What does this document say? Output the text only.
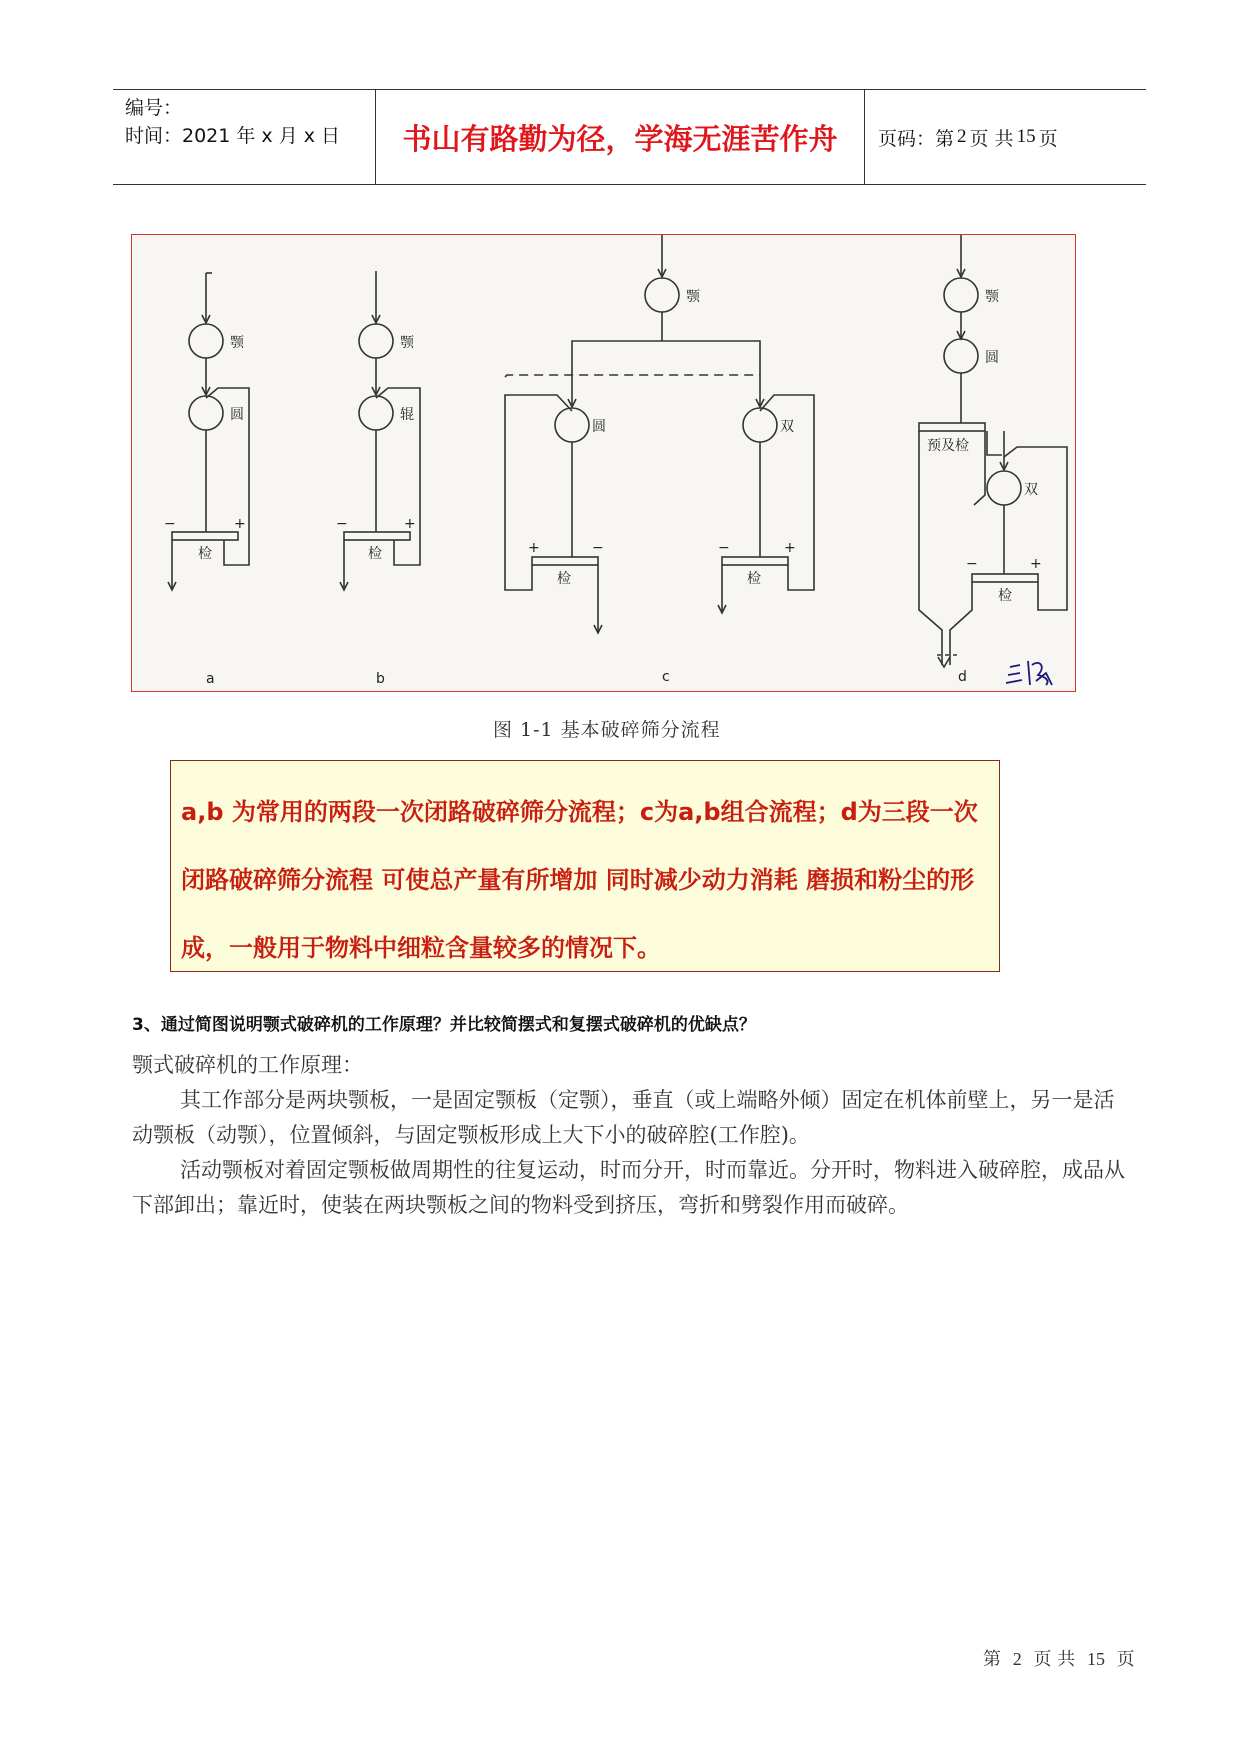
编号：
时间：2021 年 x 月 x 日	书山有路勤为径，学海无涯苦作舟	页码：第 2 页 共 15 页
颚
圆
检
−	+
a
颚
辊
检
−	+
b
颚
圆	双
检	检
+	−	−	+
c
颚
圆
预及检
双
检
−	+
d
图 1-1 基本破碎筛分流程
a,b 为常用的两段一次闭路破碎筛分流程；c为a,b组合流程；d为三段一次闭路破碎筛分流程 可使总产量有所增加 同时减少动力消耗 磨损和粉尘的形成，一般用于物料中细粒含量较多的情况下。
3、通过简图说明颚式破碎机的工作原理？并比较简摆式和复摆式破碎机的优缺点？

颚式破碎机的工作原理：

其工作部分是两块颚板，一是固定颚板（定颚），垂直（或上端略外倾）固定在机体前壁上，另一是活动颚板（动颚），位置倾斜，与固定颚板形成上大下小的破碎腔(工作腔)。

活动颚板对着固定颚板做周期性的往复运动，时而分开，时而靠近。分开时，物料进入破碎腔，成品从下部卸出；靠近时，使装在两块颚板之间的物料受到挤压，弯折和劈裂作用而破碎。

第 2 页 共 15 页
